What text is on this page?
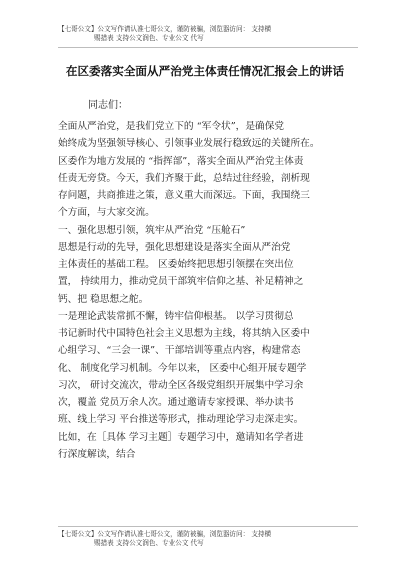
【七哥公文】公文写作请认准七哥公文，谨防被骗，浏览器访问： 支持横
赐措表 支持公文润色、专业公文 代写
在区委落实全面从严治党主体责任情况汇报会上的讲话
同志们：
全面从严治党，是我们党立下的 “军令状”，是确保党
始终成为坚强领导核心、引领事业发展行稳致远的关键所在。
区委作为地方发展的 “指挥部”，落实全面从严治党主体责
任责无旁贷。今天，我们齐聚于此，总结过往经验，剖析现
存问题，共商推进之策，意义重大而深远。下面，我围绕三
个方面，与大家交流。
一、强化思想引领，筑牢从严治党 “压舱石”
思想是行动的先导，强化思想建设是落实全面从严治党
主体责任的基础工程。 区委始终把思想引领摆在突出位
置， 持续用力，推动党员干部筑牢信仰之基、补足精神之
钙、把 稳思想之舵。
一是理论武装常抓不懈，铸牢信仰根基。 以学习贯彻总
书记新时代中国特色社会主义思想为主线，将其纳入区委中
心组学习、“三会一课”、干部培训等重点内容，构建常态
化、 制度化学习机制。今年以来， 区委中心组开展专题学
习次， 研讨交流次，带动全区各级党组织开展集中学习余
次，覆盖 党员万余人次。通过邀请专家授课、举办读书
班、线上学习 平台推送等形式，推动理论学习走深走实。
比如，在［具体 学习主题］专题学习中，邀请知名学者进
行深度解读，结合
【七哥公文】公文写作请认准七哥公文，谨防被骗，浏览器访问： 支持横
赐措表 支持公文润色、专业公文 代写
